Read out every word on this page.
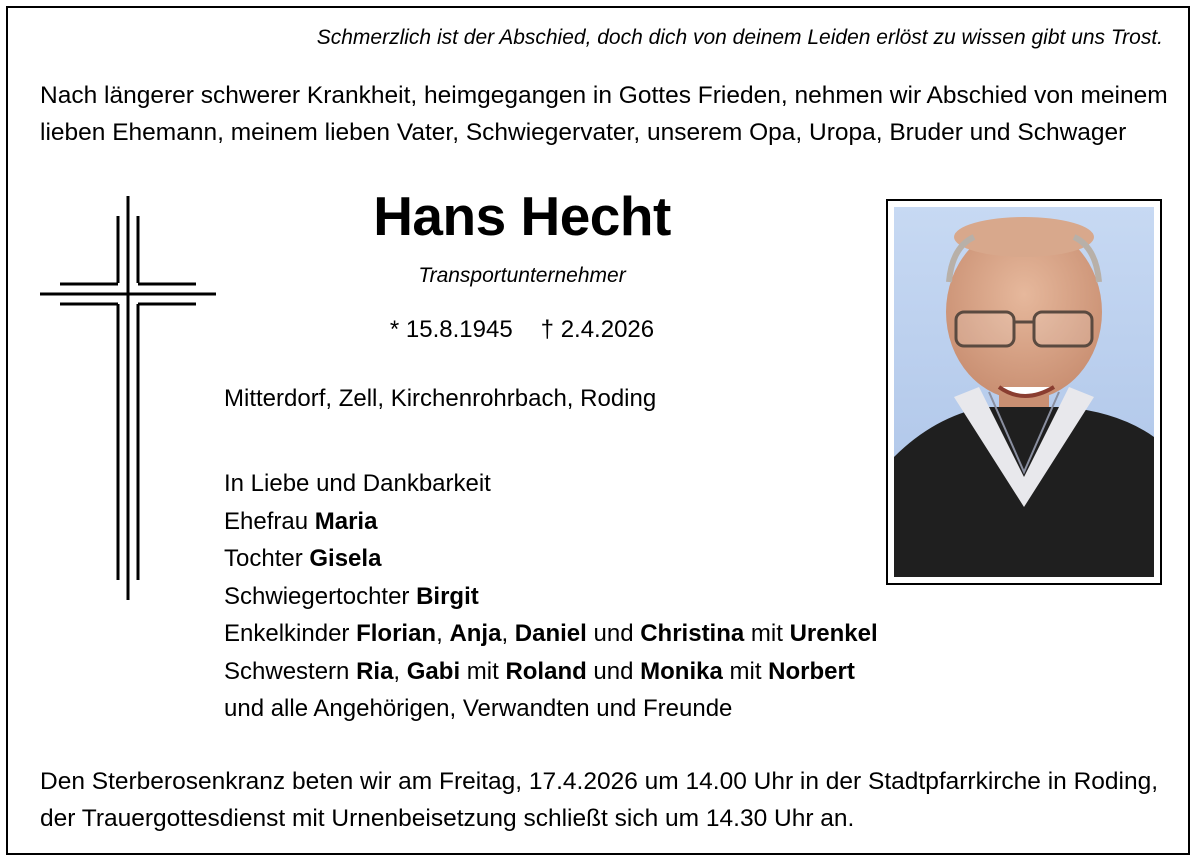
Schmerzlich ist der Abschied, doch dich von deinem Leiden erlöst zu wissen gibt uns Trost.
Nach längerer schwerer Krankheit, heimgegangen in Gottes Frieden, nehmen wir Abschied von meinem lieben Ehemann, meinem lieben Vater, Schwiegervater, unserem Opa, Uropa, Bruder und Schwager
Hans Hecht
Transportunternehmer
* 15.8.1945 † 2.4.2026
Mitterdorf, Zell, Kirchenrohrbach, Roding
In Liebe und Dankbarkeit
Ehefrau Maria
Tochter Gisela
Schwiegertochter Birgit
Enkelkinder Florian, Anja, Daniel und Christina mit Urenkel
Schwestern Ria, Gabi mit Roland und Monika mit Norbert
und alle Angehörigen, Verwandten und Freunde
Den Sterberosenkranz beten wir am Freitag, 17.4.2026 um 14.00 Uhr in der Stadtpfarrkirche in Roding, der Trauergottesdienst mit Urnenbeisetzung schließt sich um 14.30 Uhr an.
